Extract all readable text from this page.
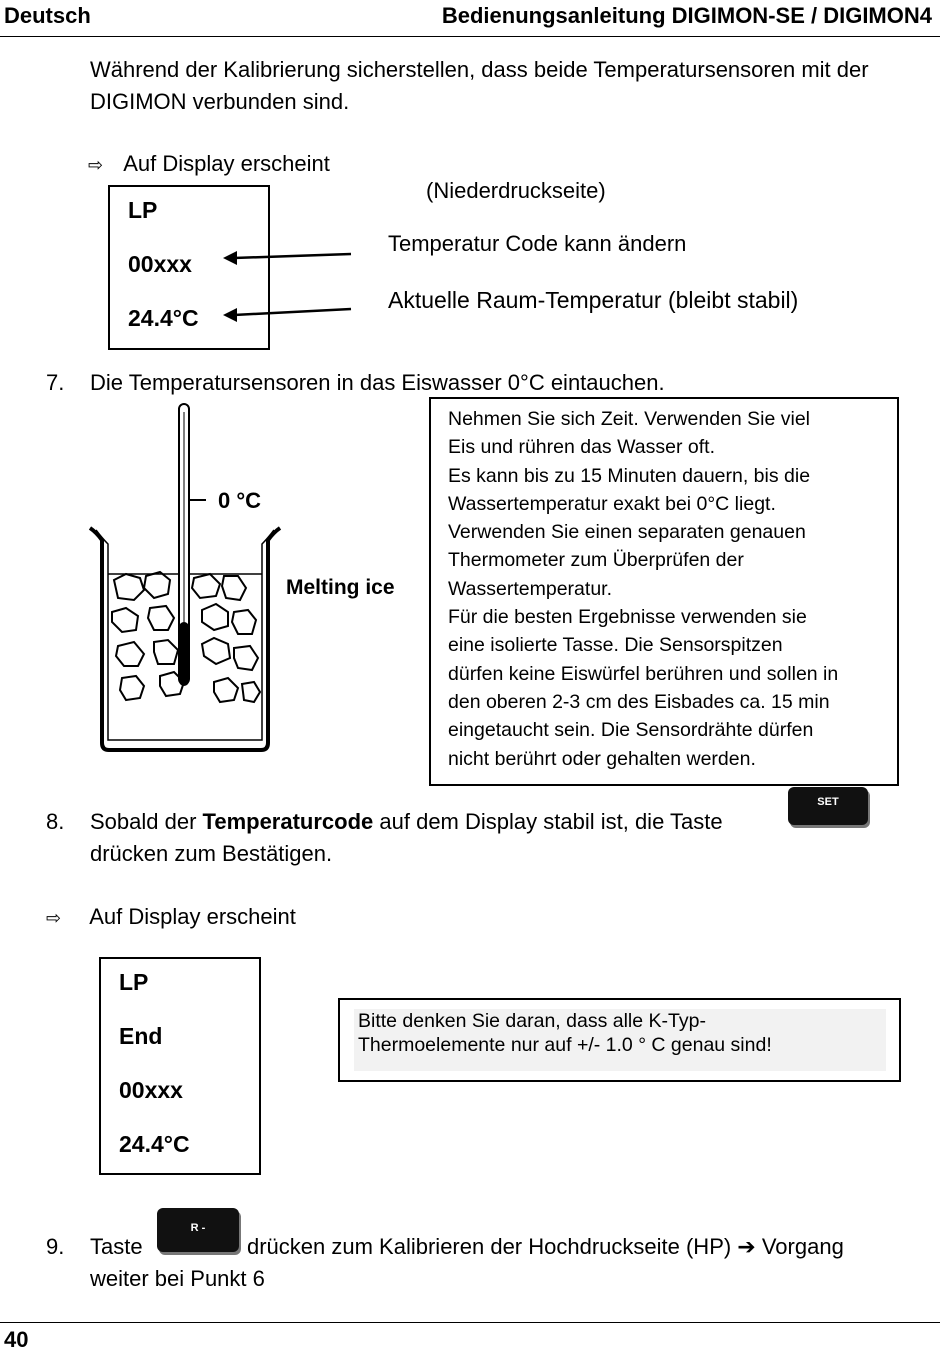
Deutsch	Bedienungsanleitung DIGIMON-SE / DIGIMON4
Während der Kalibrierung sicherstellen, dass beide Temperatursensoren mit der
DIGIMON verbunden sind.
⇨ Auf Display erscheint
LP
00xxx
24.4°C
(Niederdruckseite)
Temperatur Code kann ändern
Aktuelle Raum-Temperatur (bleibt stabil)
7. Die Temperatursensoren in das Eiswasser 0°C eintauchen.
0 °C
Melting ice

Nehmen Sie sich Zeit. Verwenden Sie viel

Eis und rühren das Wasser oft.

Es kann bis zu 15 Minuten dauern, bis die

Wassertemperatur exakt bei 0°C liegt.

Verwenden Sie einen separaten genauen

Thermometer zum Überprüfen der

Wassertemperatur.

Für die besten Ergebnisse verwenden sie

eine isolierte Tasse. Die Sensorspitzen

dürfen keine Eiswürfel berühren und sollen in

den oberen 2-3 cm des Eisbades ca. 15 min

eingetaucht sein. Die Sensordrähte dürfen

nicht berührt oder gehalten werden.

8. Sobald der Temperaturcode auf dem Display stabil ist, die Taste
SET
drücken zum Bestätigen.
⇨ Auf Display erscheint
LP
End
00xxx
24.4°C
Bitte denken Sie daran, dass alle K-Typ-
Thermoelemente nur auf +/- 1.0 ° C genau sind!
9. Taste
R -
drücken zum Kalibrieren der Hochdruckseite (HP) ➔ Vorgang
weiter bei Punkt 6
40
